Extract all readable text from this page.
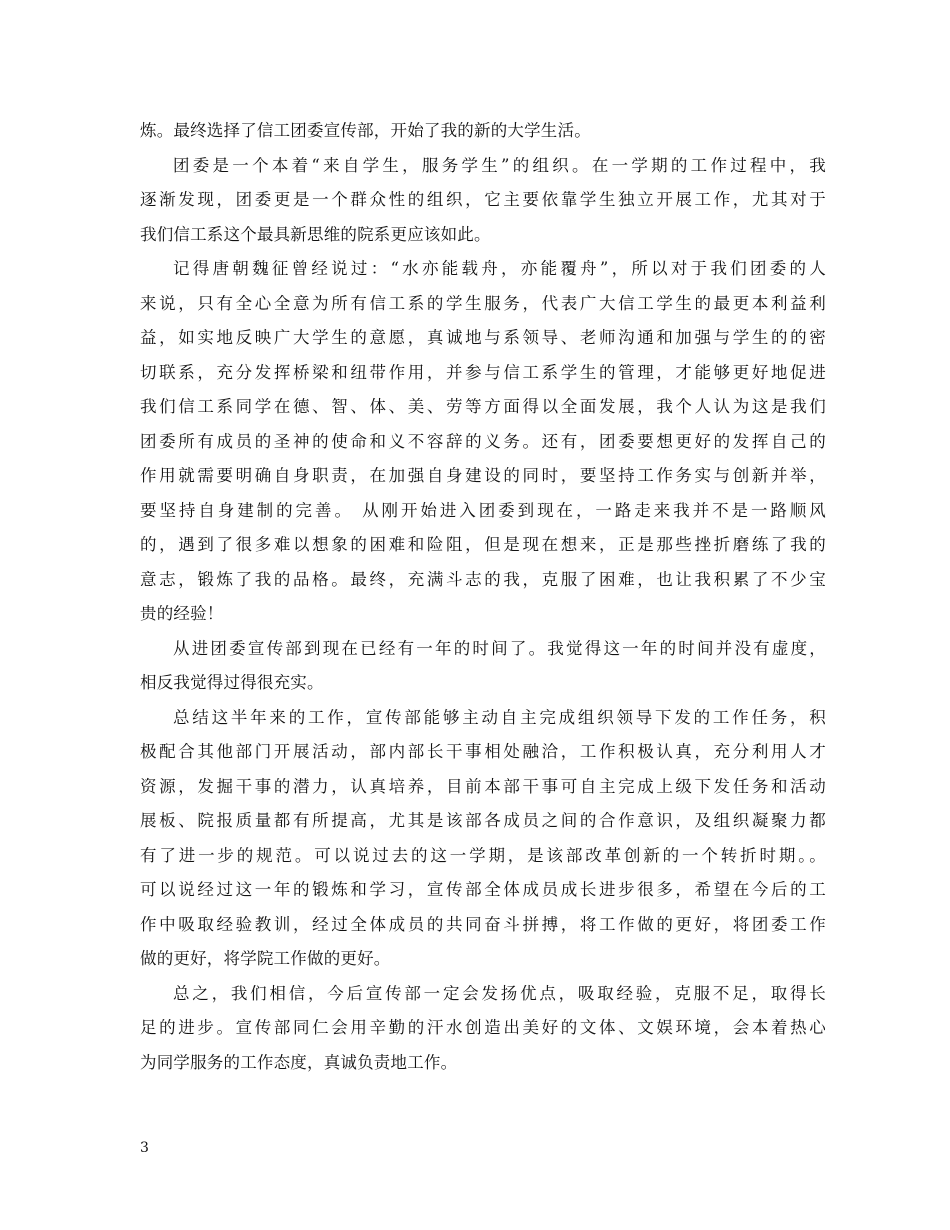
炼。最终选择了信工团委宣传部，开始了我的新的大学生活。
团委是一个本着“来自学生，服务学生”的组织。在一学期的工作过程中，我
逐渐发现，团委更是一个群众性的组织，它主要依靠学生独立开展工作，尤其对于
我们信工系这个最具新思维的院系更应该如此。
记得唐朝魏征曾经说过：“水亦能载舟，亦能覆舟”，所以对于我们团委的人
来说，只有全心全意为所有信工系的学生服务，代表广大信工学生的最更本利益利
益，如实地反映广大学生的意愿，真诚地与系领导、老师沟通和加强与学生的的密
切联系，充分发挥桥梁和纽带作用，并参与信工系学生的管理，才能够更好地促进
我们信工系同学在德、智、体、美、劳等方面得以全面发展，我个人认为这是我们
团委所有成员的圣神的使命和义不容辞的义务。还有，团委要想更好的发挥自己的
作用就需要明确自身职责，在加强自身建设的同时，要坚持工作务实与创新并举，
要坚持自身建制的完善。 从刚开始进入团委到现在，一路走来我并不是一路顺风
的，遇到了很多难以想象的困难和险阻，但是现在想来，正是那些挫折磨练了我的
意志，锻炼了我的品格。最终，充满斗志的我，克服了困难，也让我积累了不少宝
贵的经验！
从进团委宣传部到现在已经有一年的时间了。我觉得这一年的时间并没有虚度，
相反我觉得过得很充实。
总结这半年来的工作，宣传部能够主动自主完成组织领导下发的工作任务，积
极配合其他部门开展活动，部内部长干事相处融洽，工作积极认真，充分利用人才
资源，发掘干事的潜力，认真培养，目前本部干事可自主完成上级下发任务和活动
展板、院报质量都有所提高，尤其是该部各成员之间的合作意识，及组织凝聚力都
有了进一步的规范。可以说过去的这一学期，是该部改革创新的一个转折时期。。
可以说经过这一年的锻炼和学习，宣传部全体成员成长进步很多，希望在今后的工
作中吸取经验教训，经过全体成员的共同奋斗拼搏，将工作做的更好，将团委工作
做的更好，将学院工作做的更好。
总之，我们相信，今后宣传部一定会发扬优点，吸取经验，克服不足，取得长
足的进步。宣传部同仁会用辛勤的汗水创造出美好的文体、文娱环境，会本着热心
为同学服务的工作态度，真诚负责地工作。
3
